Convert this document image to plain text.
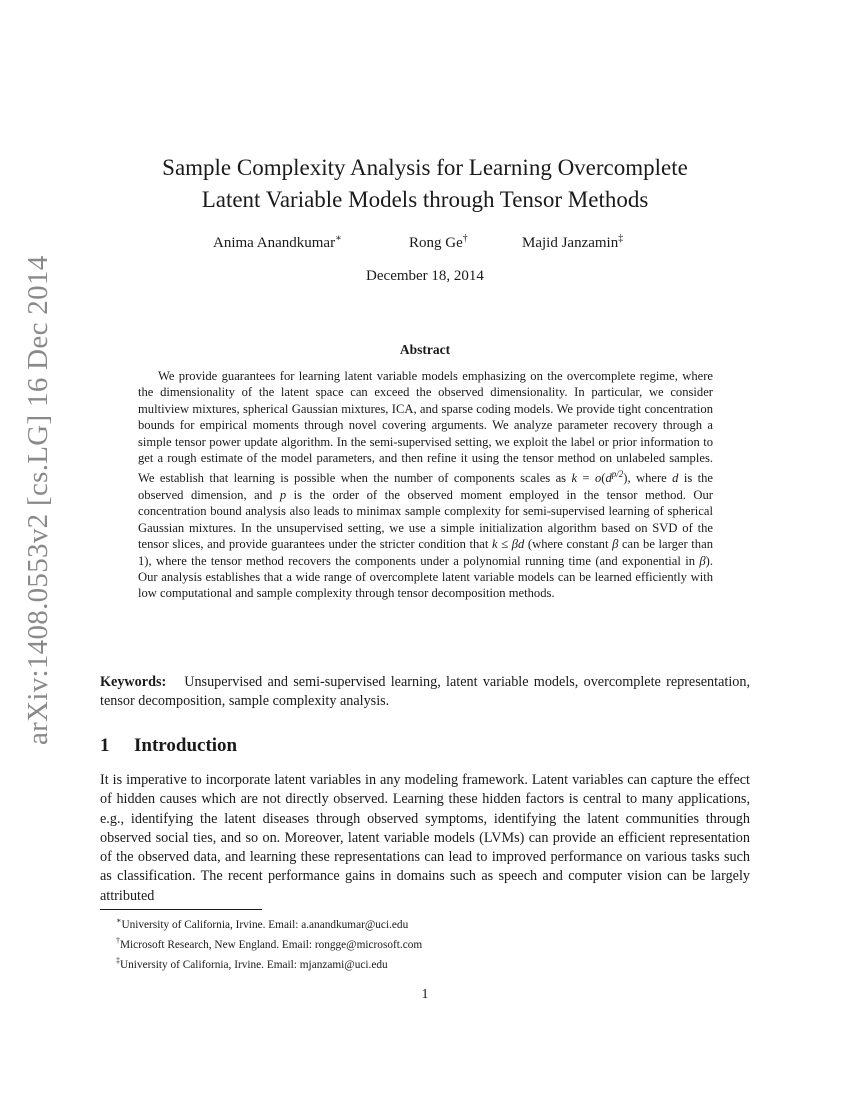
arXiv:1408.0553v2 [cs.LG] 16 Dec 2014
Sample Complexity Analysis for Learning Overcomplete
Latent Variable Models through Tensor Methods
Anima Anandkumar∗	Rong Ge†	Majid Janzamin‡
December 18, 2014
Abstract
We provide guarantees for learning latent variable models emphasizing on the overcomplete regime, where the dimensionality of the latent space can exceed the observed dimensionality. In particular, we consider multiview mixtures, spherical Gaussian mixtures, ICA, and sparse coding models. We provide tight concentration bounds for empirical moments through novel covering arguments. We analyze parameter recovery through a simple tensor power update algorithm. In the semi-supervised setting, we exploit the label or prior information to get a rough estimate of the model parameters, and then refine it using the tensor method on unlabeled samples. We establish that learning is possible when the number of components scales as $k = o(d^{p/2})$, where d is the observed dimension, and p is the order of the observed moment employed in the tensor method. Our concentration bound analysis also leads to minimax sample complexity for semi-supervised learning of spherical Gaussian mixtures. In the unsupervised setting, we use a simple initialization algorithm based on SVD of the tensor slices, and provide guarantees under the stricter condition that k ≤ βd (where constant β can be larger than 1), where the tensor method recovers the components under a polynomial running time (and exponential in β). Our analysis establishes that a wide range of overcomplete latent variable models can be learned efficiently with low computational and sample complexity through tensor decomposition methods.
Keywords: Unsupervised and semi-supervised learning, latent variable models, overcomplete representation, tensor decomposition, sample complexity analysis.
1 Introduction
It is imperative to incorporate latent variables in any modeling framework. Latent variables can capture the effect of hidden causes which are not directly observed. Learning these hidden factors is central to many applications, e.g., identifying the latent diseases through observed symptoms, identifying the latent communities through observed social ties, and so on. Moreover, latent variable models (LVMs) can provide an efficient representation of the observed data, and learning these representations can lead to improved performance on various tasks such as classification. The recent performance gains in domains such as speech and computer vision can be largely attributed
∗University of California, Irvine. Email: a.anandkumar@uci.edu
†Microsoft Research, New England. Email: rongge@microsoft.com
‡University of California, Irvine. Email: mjanzami@uci.edu
1
